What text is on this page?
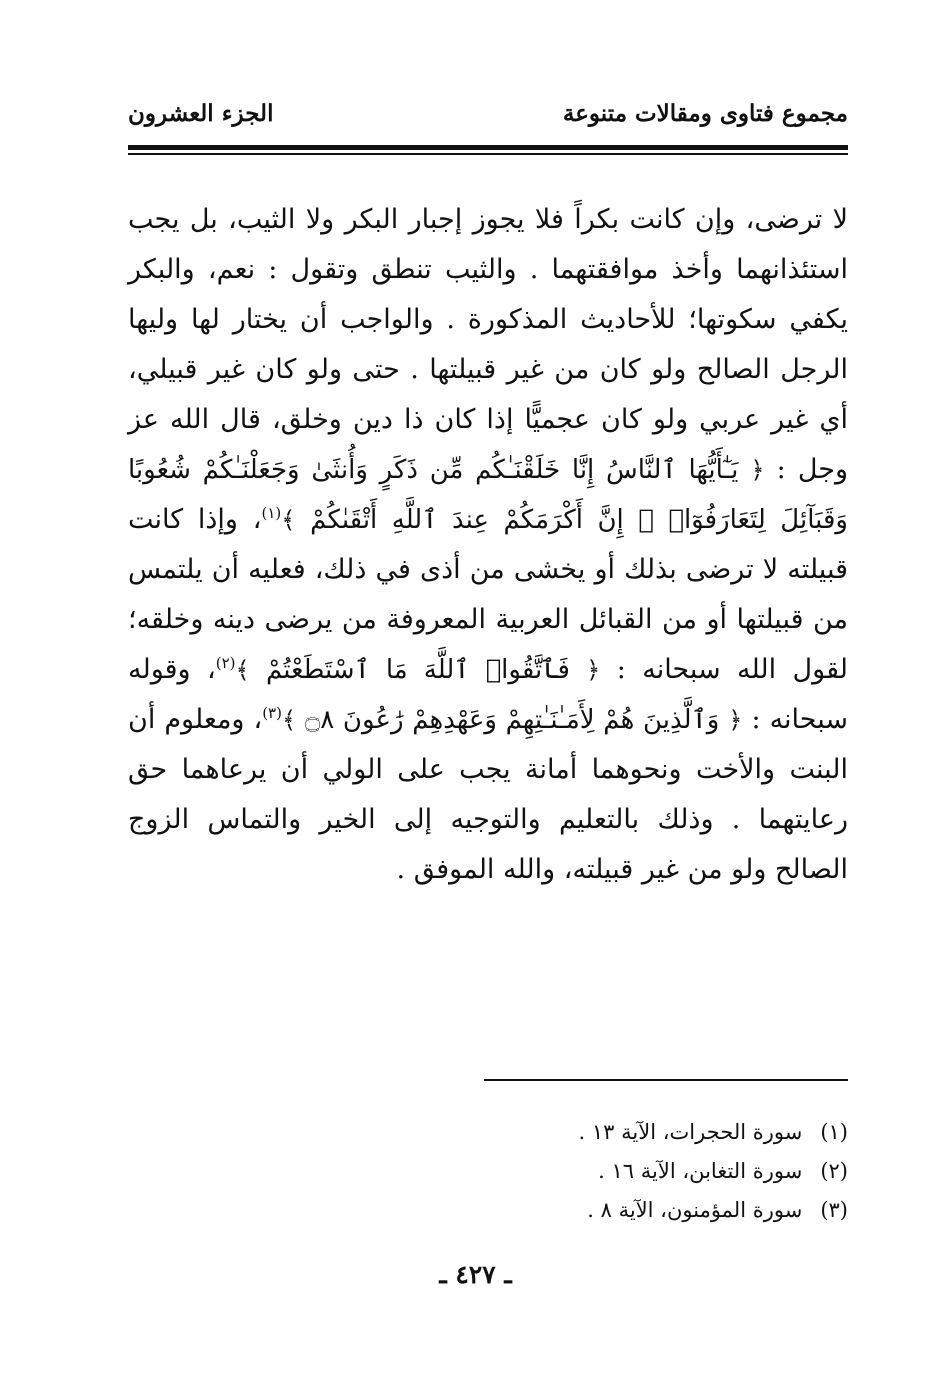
مجموع فتاوى ومقالات متنوعة
الجزء العشرون

لا ترضى، وإن كانت بكراً فلا يجوز إجبار البكر ولا الثيب، بل يجب استئذانهما وأخذ موافقتهما . والثيب تنطق وتقول : نعم، والبكر يكفي سكوتها؛ للأحاديث المذكورة . والواجب أن يختار لها وليها الرجل الصالح ولو كان من غير قبيلتها . حتى ولو كان غير قبيلي، أي غير عربي ولو كان عجميًّا إذا كان ذا دين وخلق، قال الله عز وجل : ﴿ يَـٰٓأَيُّهَا ٱلنَّاسُ إِنَّا خَلَقْنَـٰكُم مِّن ذَكَرٍ وَأُنثَىٰ وَجَعَلْنَـٰكُمْ شُعُوبًا وَقَبَآئِلَ لِتَعَارَفُوٓا۟ ۚ إِنَّ أَكْرَمَكُمْ عِندَ ٱللَّهِ أَتْقَىٰكُمْ ﴾$^{(١)}$، وإذا كانت قبيلته لا ترضى بذلك أو يخشى من أذى في ذلك، فعليه أن يلتمس من قبيلتها أو من القبائل العربية المعروفة من يرضى دينه وخلقه؛ لقول الله سبحانه : ﴿ فَٱتَّقُوا۟ ٱللَّهَ مَا ٱسْتَطَعْتُمْ ﴾$^{(٢)}$، وقوله سبحانه : ﴿ وَٱلَّذِينَ هُمْ لِأَمَـٰنَـٰتِهِمْ وَعَهْدِهِمْ رَٰعُونَ ۝٨ ﴾$^{(٣)}$، ومعلوم أن البنت والأخت ونحوهما أمانة يجب على الولي أن يرعاهما حق رعايتهما . وذلك بالتعليم والتوجيه إلى الخير والتماس الزوج الصالح ولو من غير قبيلته، والله الموفق .

(١)سورة الحجرات، الآية ١٣ .
(٢)سورة التغابن، الآية ١٦ .
(٣)سورة المؤمنون، الآية ٨ .
ـ ٤٢٧ ـ
